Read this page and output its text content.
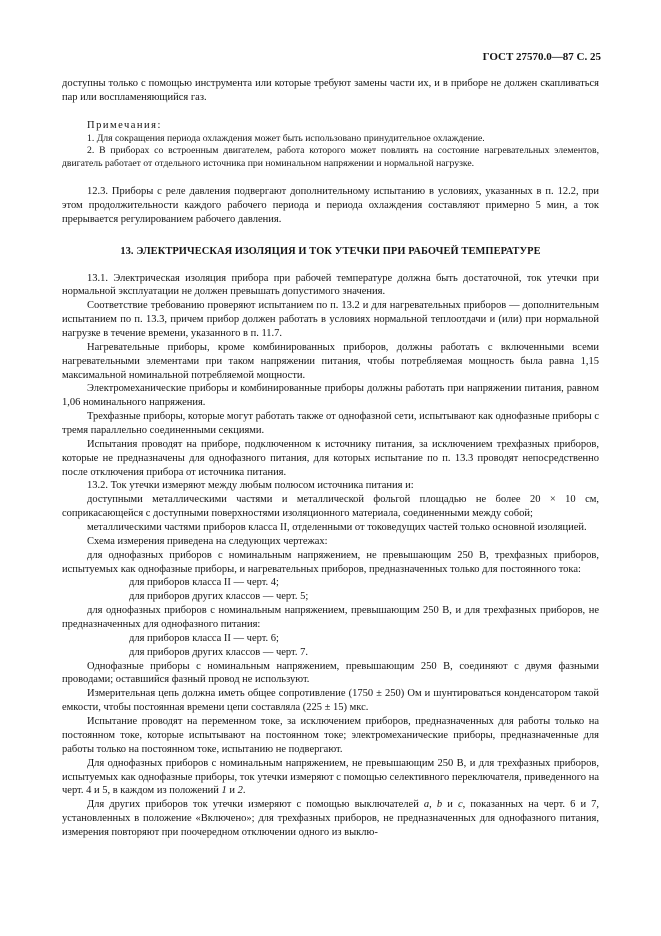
ГОСТ 27570.0—87 С. 25

доступны только с помощью инструмента или которые требуют замены части их, и в приборе не должен скапливаться пар или воспламеняющийся газ.

Примечания:

1. Для сокращения периода охлаждения может быть использовано принудительное охлаждение.

2. В приборах со встроенным двигателем, работа которого может повлиять на состояние нагревательных элементов, двигатель работает от отдельного источника при номинальном напряжении и нормальной нагрузке.

12.3. Приборы с реле давления подвергают дополнительному испытанию в условиях, указанных в п. 12.2, при этом продолжительности каждого рабочего периода и периода охлаждения составляют примерно 5 мин, а ток прерывается регулированием рабочего давления.

13. ЭЛЕКТРИЧЕСКАЯ ИЗОЛЯЦИЯ И ТОК УТЕЧКИ ПРИ РАБОЧЕЙ ТЕМПЕРАТУРЕ

13.1. Электрическая изоляция прибора при рабочей температуре должна быть достаточной, ток утечки при нормальной эксплуатации не должен превышать допустимого значения.

Соответствие требованию проверяют испытанием по п. 13.2 и для нагревательных приборов — дополнительным испытанием по п. 13.3, причем прибор должен работать в условиях нормальной теплоотдачи и (или) при нормальной нагрузке в течение времени, указанного в п. 11.7.

Нагревательные приборы, кроме комбинированных приборов, должны работать с включенными всеми нагревательными элементами при таком напряжении питания, чтобы потребляемая мощность была равна 1,15 максимальной номинальной потребляемой мощности.

Электромеханические приборы и комбинированные приборы должны работать при напряжении питания, равном 1,06 номинального напряжения.

Трехфазные приборы, которые могут работать также от однофазной сети, испытывают как однофазные приборы с тремя параллельно соединенными секциями.

Испытания проводят на приборе, подключенном к источнику питания, за исключением трехфазных приборов, которые не предназначены для однофазного питания, для которых испытание по п. 13.3 проводят непосредственно после отключения прибора от источника питания.

13.2. Ток утечки измеряют между любым полюсом источника питания и:

доступными металлическими частями и металлической фольгой площадью не более 20 × 10 см, соприкасающейся с доступными поверхностями изоляционного материала, соединенными между собой;

металлическими частями приборов класса II, отделенными от токоведущих частей только основной изоляцией.

Схема измерения приведена на следующих чертежах:

для однофазных приборов с номинальным напряжением, не превышающим 250 В, трехфазных приборов, испытуемых как однофазные приборы, и нагревательных приборов, предназначенных только для постоянного тока:

для приборов класса II — черт. 4;

для приборов других классов — черт. 5;

для однофазных приборов с номинальным напряжением, превышающим 250 В, и для трехфазных приборов, не предназначенных для однофазного питания:

для приборов класса II — черт. 6;

для приборов других классов — черт. 7.

Однофазные приборы с номинальным напряжением, превышающим 250 В, соединяют с двумя фазными проводами; оставшийся фазный провод не используют.

Измерительная цепь должна иметь общее сопротивление (1750 ± 250) Ом и шунтироваться конденсатором такой емкости, чтобы постоянная времени цепи составляла (225 ± 15) мкс.

Испытание проводят на переменном токе, за исключением приборов, предназначенных для работы только на постоянном токе, которые испытывают на постоянном токе; электромеханические приборы, предназначенные для работы только на постоянном токе, испытанию не подвергают.

Для однофазных приборов с номинальным напряжением, не превышающим 250 В, и для трехфазных приборов, испытуемых как однофазные приборы, ток утечки измеряют с помощью селективного переключателя, приведенного на черт. 4 и 5, в каждом из положений 1 и 2.

Для других приборов ток утечки измеряют с помощью выключателей a, b и c, показанных на черт. 6 и 7, установленных в положение «Включено»; для трехфазных приборов, не предназначенных для однофазного питания, измерения повторяют при поочередном отключении одного из выклю-
